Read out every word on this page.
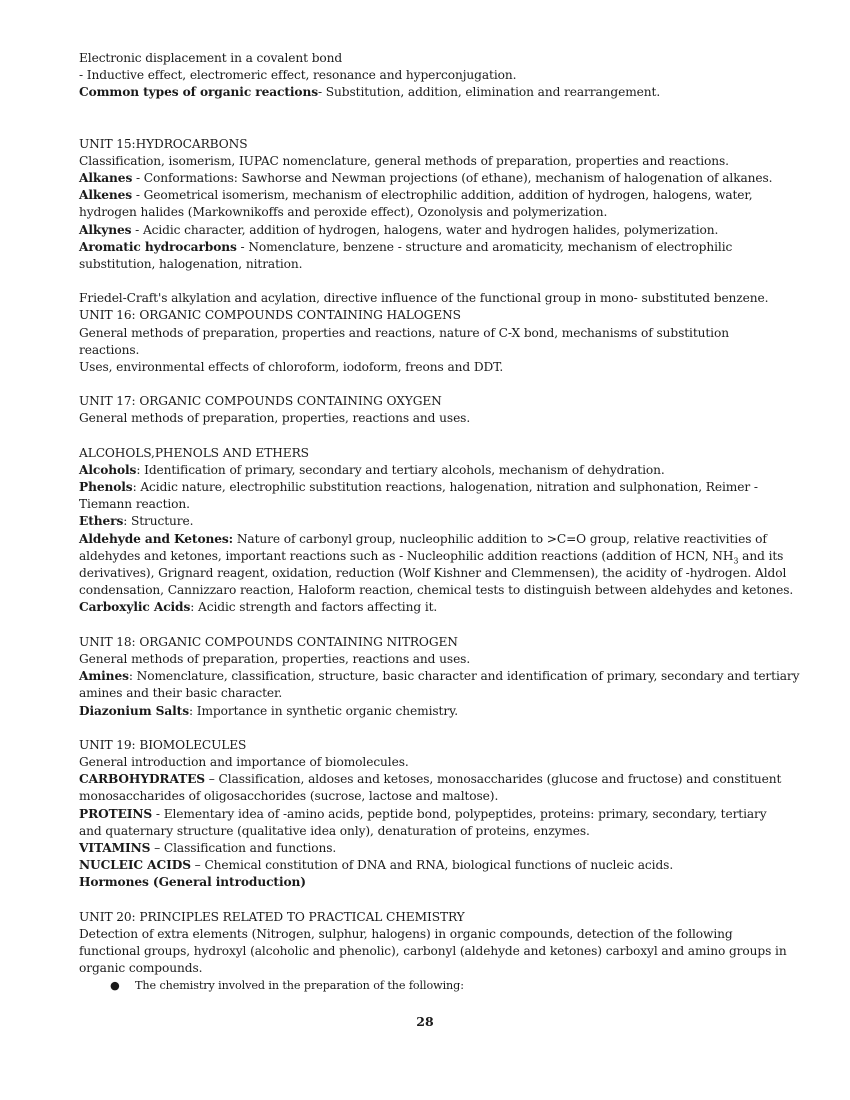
Electronic displacement in a covalent bond
- Inductive effect, electromeric effect, resonance and hyperconjugation.
Common types of organic reactions- Substitution, addition, elimination and rearrangement.
UNIT 15:HYDROCARBONS
Classification, isomerism, IUPAC nomenclature, general methods of preparation, properties and reactions.
Alkanes - Conformations: Sawhorse and Newman projections (of ethane), mechanism of halogenation of alkanes.
Alkenes - Geometrical isomerism, mechanism of electrophilic addition, addition of hydrogen, halogens, water,
hydrogen halides (Markownikoffs and peroxide effect), Ozonolysis and polymerization.
Alkynes - Acidic character, addition of hydrogen, halogens, water and hydrogen halides, polymerization.
Aromatic hydrocarbons - Nomenclature, benzene - structure and aromaticity, mechanism of electrophilic
substitution, halogenation, nitration.
Friedel-Craft's alkylation and acylation, directive influence of the functional group in mono- substituted benzene.
UNIT 16: ORGANIC COMPOUNDS CONTAINING HALOGENS
General methods of preparation, properties and reactions, nature of C-X bond, mechanisms of substitution
reactions.
Uses, environmental effects of chloroform, iodoform, freons and DDT.
UNIT 17: ORGANIC COMPOUNDS CONTAINING OXYGEN
General methods of preparation, properties, reactions and uses.
ALCOHOLS,PHENOLS AND ETHERS
Alcohols: Identification of primary, secondary and tertiary alcohols, mechanism of dehydration.
Phenols: Acidic nature, electrophilic substitution reactions, halogenation, nitration and sulphonation, Reimer -
Tiemann reaction.
Ethers: Structure.
Aldehyde and Ketones: Nature of carbonyl group, nucleophilic addition to >C=O group, relative reactivities of
aldehydes and ketones, important reactions such as - Nucleophilic addition reactions (addition of HCN, $NH_3$ and its
derivatives), Grignard reagent, oxidation, reduction (Wolf Kishner and Clemmensen), the acidity of -hydrogen. Aldol
condensation, Cannizzaro reaction, Haloform reaction, chemical tests to distinguish between aldehydes and ketones.
Carboxylic Acids: Acidic strength and factors affecting it.
UNIT 18: ORGANIC COMPOUNDS CONTAINING NITROGEN
General methods of preparation, properties, reactions and uses.
Amines: Nomenclature, classification, structure, basic character and identification of primary, secondary and tertiary
amines and their basic character.
Diazonium Salts: Importance in synthetic organic chemistry.
UNIT 19: BIOMOLECULES
General introduction and importance of biomolecules.
CARBOHYDRATES – Classification, aldoses and ketoses, monosaccharides (glucose and fructose) and constituent
monosaccharides of oligosacchorides (sucrose, lactose and maltose).
PROTEINS - Elementary idea of -amino acids, peptide bond, polypeptides, proteins: primary, secondary, tertiary
and quaternary structure (qualitative idea only), denaturation of proteins, enzymes.
VITAMINS – Classification and functions.
NUCLEIC ACIDS – Chemical constitution of DNA and RNA, biological functions of nucleic acids.
Hormones (General introduction)
UNIT 20: PRINCIPLES RELATED TO PRACTICAL CHEMISTRY
Detection of extra elements (Nitrogen, sulphur, halogens) in organic compounds, detection of the following
functional groups, hydroxyl (alcoholic and phenolic), carbonyl (aldehyde and ketones) carboxyl and amino groups in
organic compounds.
● The chemistry involved in the preparation of the following:
28
